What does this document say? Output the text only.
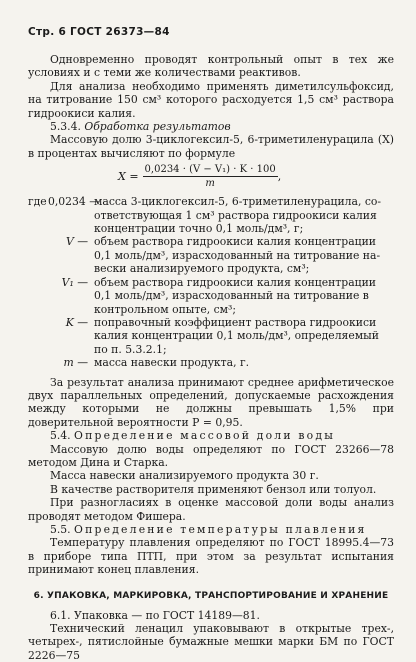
Стр. 6 ГОСТ 26373—84

Одновременно проводят контрольный опыт в тех же условиях и с теми же количествами реактивов.

Для анализа необходимо применять диметилсульфоксид, на титрование 150 см³ которого расходуется 1,5 см³ раствора гидроокиси калия.

5.3.4. Обработка результатов

Массовую долю 3-циклогексил-5, 6-триметиленурацила (X) в процентах вычисляют по формуле

$X = \frac{\text{0,0234 · (V − V₁) · K · 100}}{m}$ ,
где 0,0234 —
масса 3-циклогексил-5, 6-триметиленурацила, со-
ответствующая 1 см³ раствора гидроокиси калия
концентрации точно 0,1 моль/дм³, г;
V — объем раствора гидроокиси калия концентрации
0,1 моль/дм³, израсходованный на титрование на-
вески анализируемого продукта, см³;
V₁ — объем раствора гидроокиси калия концентрации
0,1 моль/дм³, израсходованный на титрование в
контрольном опыте, см³;
K — поправочный коэффициент раствора гидроокиси
калия концентрации 0,1 моль/дм³, определяемый
по п. 5.3.2.1;
m — масса навески продукта, г.

За результат анализа принимают среднее арифметическое двух параллельных определений, допускаемые расхождения между которыми не должны превышать 1,5% при доверительной вероятности P = 0,95.

5.4. Определение массовой доли воды

Массовую долю воды определяют по ГОСТ 23266—78 методом Дина и Старка.

Масса навески анализируемого продукта 30 г.

В качестве растворителя применяют бензол или толуол.

При разногласиях в оценке массовой доли воды анализ проводят методом Фишера.

5.5. Определение температуры плавления

Температуру плавления определяют по ГОСТ 18995.4—73 в приборе типа ПТП, при этом за результат испытания принимают конец плавления.

6. УПАКОВКА, МАРКИРОВКА, ТРАНСПОРТИРОВАНИЕ И ХРАНЕНИЕ

6.1. Упаковка — по ГОСТ 14189—81.

Технический ленацил упаковывают в открытые трех-, четырех-, пятислойные бумажные мешки марки БМ по ГОСТ 2226—75
